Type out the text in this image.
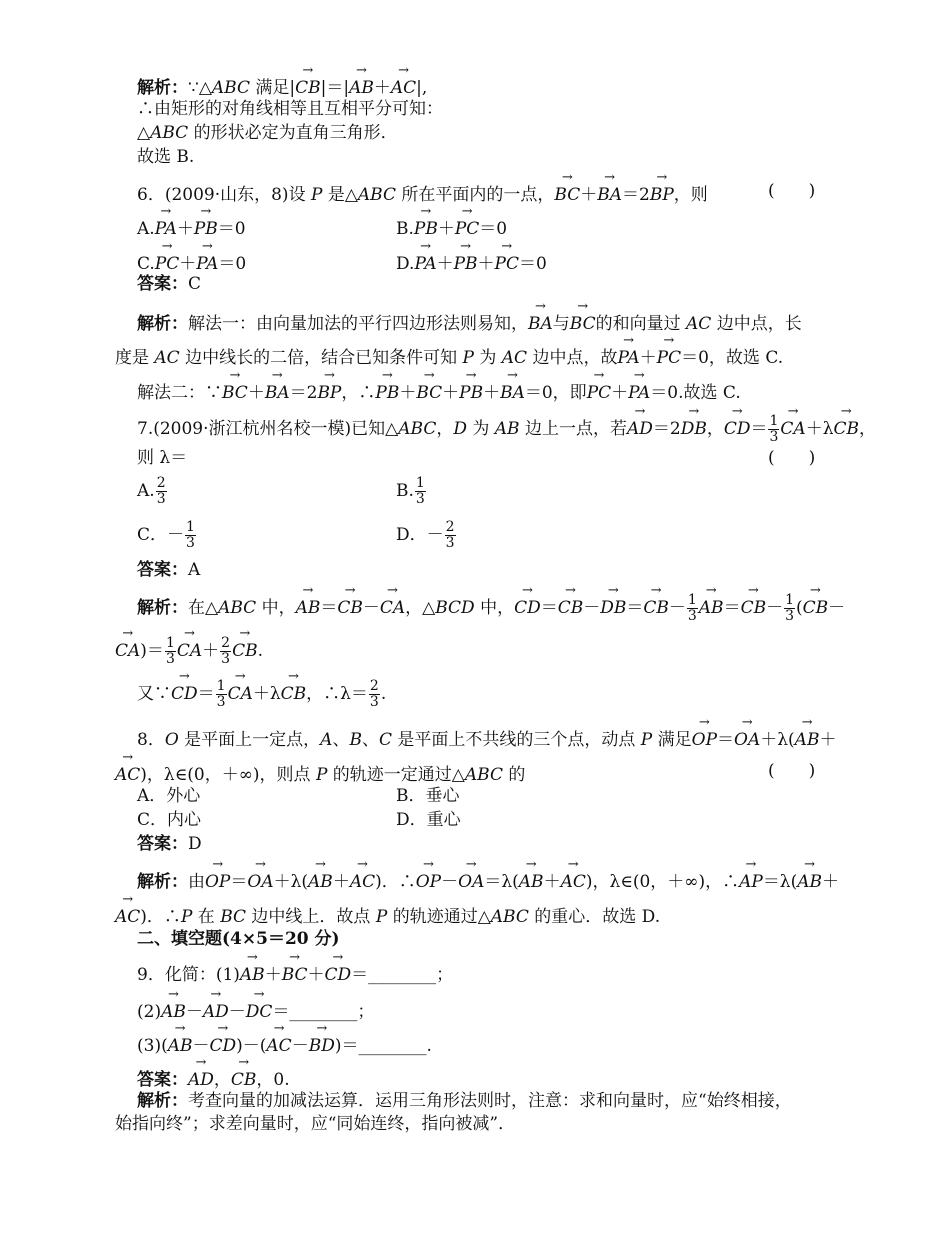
解析：∵△ABC 满足|→ CB|＝|→ AB＋→ AC|,
∴由矩形的对角线相等且互相平分可知：
△ABC 的形状必定为直角三角形．
故选 B.
6．(2009·山东，8)设 P 是△ABC 所在平面内的一点，→ BC＋→ BA＝2→ BP，则	(　　)
A.→ PA＋→ PB＝0	B.→ PB＋→ PC＝0
C.→ PC＋→ PA＝0	D.→ PA＋→ PB＋→ PC＝0
答案：C
解析：解法一：由向量加法的平行四边形法则易知，→ BA与→ BC的和向量过 AC 边中点，长
度是 AC 边中线长的二倍，结合已知条件可知 P 为 AC 边中点，故→ PA＋→ PC＝0，故选 C.
解法二：∵→ BC＋→ BA＝2→ BP，∴→ PB＋→ BC＋→ PB＋→ BA＝0，即→ PC＋→ PA＝0.故选 C.
7.(2009·浙江杭州名校一模)已知△ABC，D 为 AB 边上一点，若→ AD＝2→ DB，→ $CD= \frac{1}{3}$
→ CA＋λ→ CB，
则 λ＝	(　　)
A. $\frac{2}{3}$	B. $\frac{1}{3}$
C．－ $\frac{1}{3}$	D．－ $\frac{2}{3}$
答案：A
解析：在△ABC 中，→ AB＝→ CB－→ CA，△BCD 中，→ $CD=\to CB-\to DB=\to CB- \frac{1}{3}$
→ $AB=\to CB- \frac{1}{3}$ (→ CB－
→ $CA)= \frac{1}{3}$
→ $CA+ \frac{2}{3}$
→ CB.
又∵→ $CD= \frac{1}{3}$
→ CA＋λ→ CB，∴λ＝ $\frac{2}{3}$ .
8．O 是平面上一定点，A、B、C 是平面上不共线的三个点，动点 P 满足→ OP＝→ OA＋λ(→ AB＋
→ AC)，λ∈(0，＋∞)，则点 P 的轨迹一定通过△ABC 的	(　　)
A．外心	B．垂心
C．内心	D．重心
答案：D
解析：由→ OP＝→ OA＋λ(→ AB＋→ AC)．∴→ OP－→ OA＝λ(→ AB＋→ AC)，λ∈(0，＋∞)，∴→ AP＝λ(→ AB＋
→ AC)．∴P 在 BC 边中线上．故点 P 的轨迹通过△ABC 的重心．故选 D.
二、填空题(4×5＝20 分)
9．化简：(1)→ AB＋→ BC＋→ CD＝________；
(2)→ AB－→ AD－→ DC＝________；
(3)(→ AB－→ CD)－(→ AC－→ BD)＝________.
答案：→ AD，→ CB，0.
解析：考查向量的加减法运算．运用三角形法则时，注意：求和向量时，应“始终相接，
始指向终”；求差向量时，应“同始连终，指向被减”．
